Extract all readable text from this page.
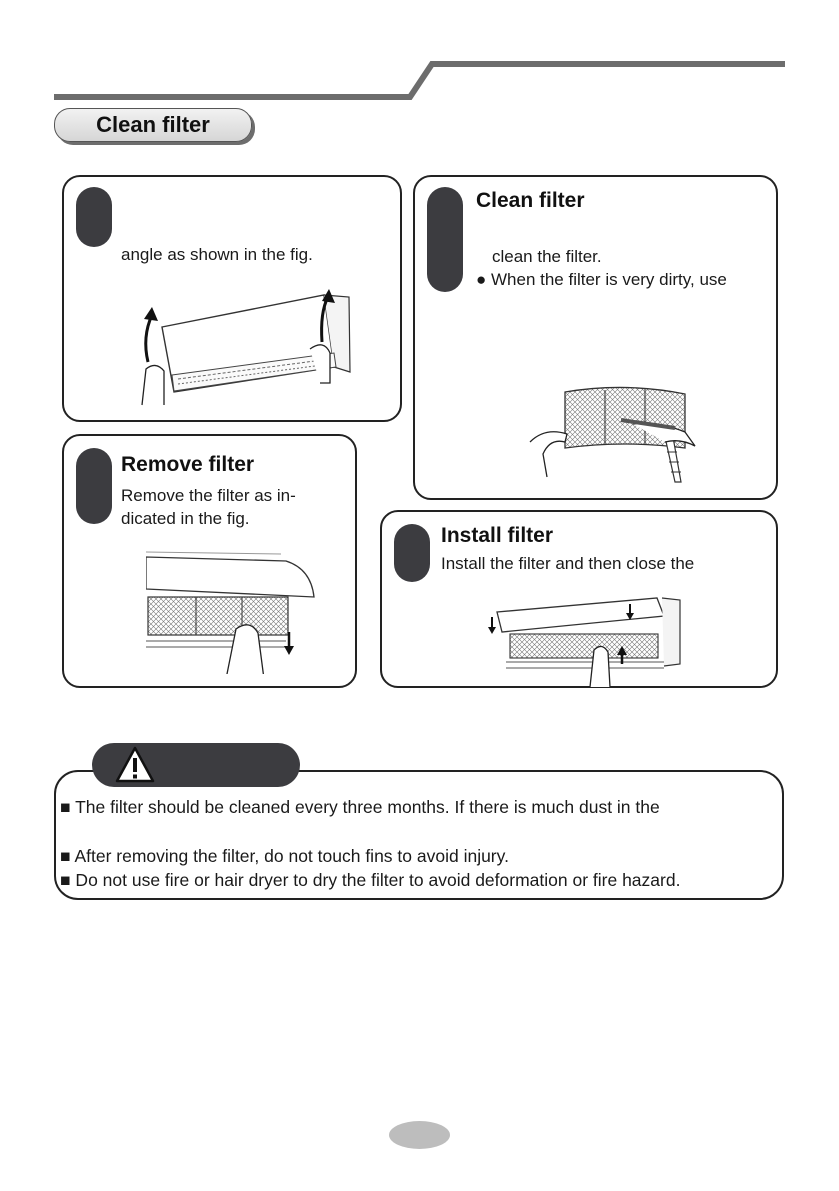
Clean filter
angle as shown in the fig.
Clean filter
clean the filter.
● When the filter is very dirty, use
Remove filter
Remove the filter as in-
dicated in the fig.
Install filter
Install the filter and then close the
■ The filter should be cleaned every three months. If there is much dust in the
■ After removing the filter, do not touch fins to avoid injury.
■ Do not use fire or hair dryer to dry the filter to avoid deformation or fire hazard.
